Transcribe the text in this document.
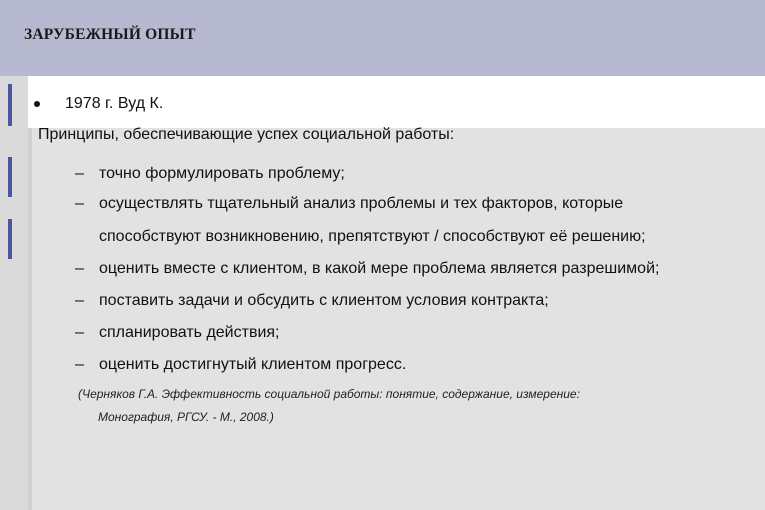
ЗАРУБЕЖНЫЙ ОПЫТ
1978 г. Вуд К.
Принципы, обеспечивающие успех социальной работы:
– точно формулировать проблему;
– осуществлять тщательный анализ проблемы и тех факторов, которые
способствуют возникновению, препятствуют / способствуют её решению;
– оценить вместе с клиентом, в какой мере проблема является разрешимой;
– поставить задачи и обсудить с клиентом условия контракта;
– спланировать действия;
– оценить достигнутый клиентом прогресс.
(Черняков Г.А. Эффективность социальной работы: понятие, содержание, измерение:
Монография, РГСУ. - М., 2008.)
